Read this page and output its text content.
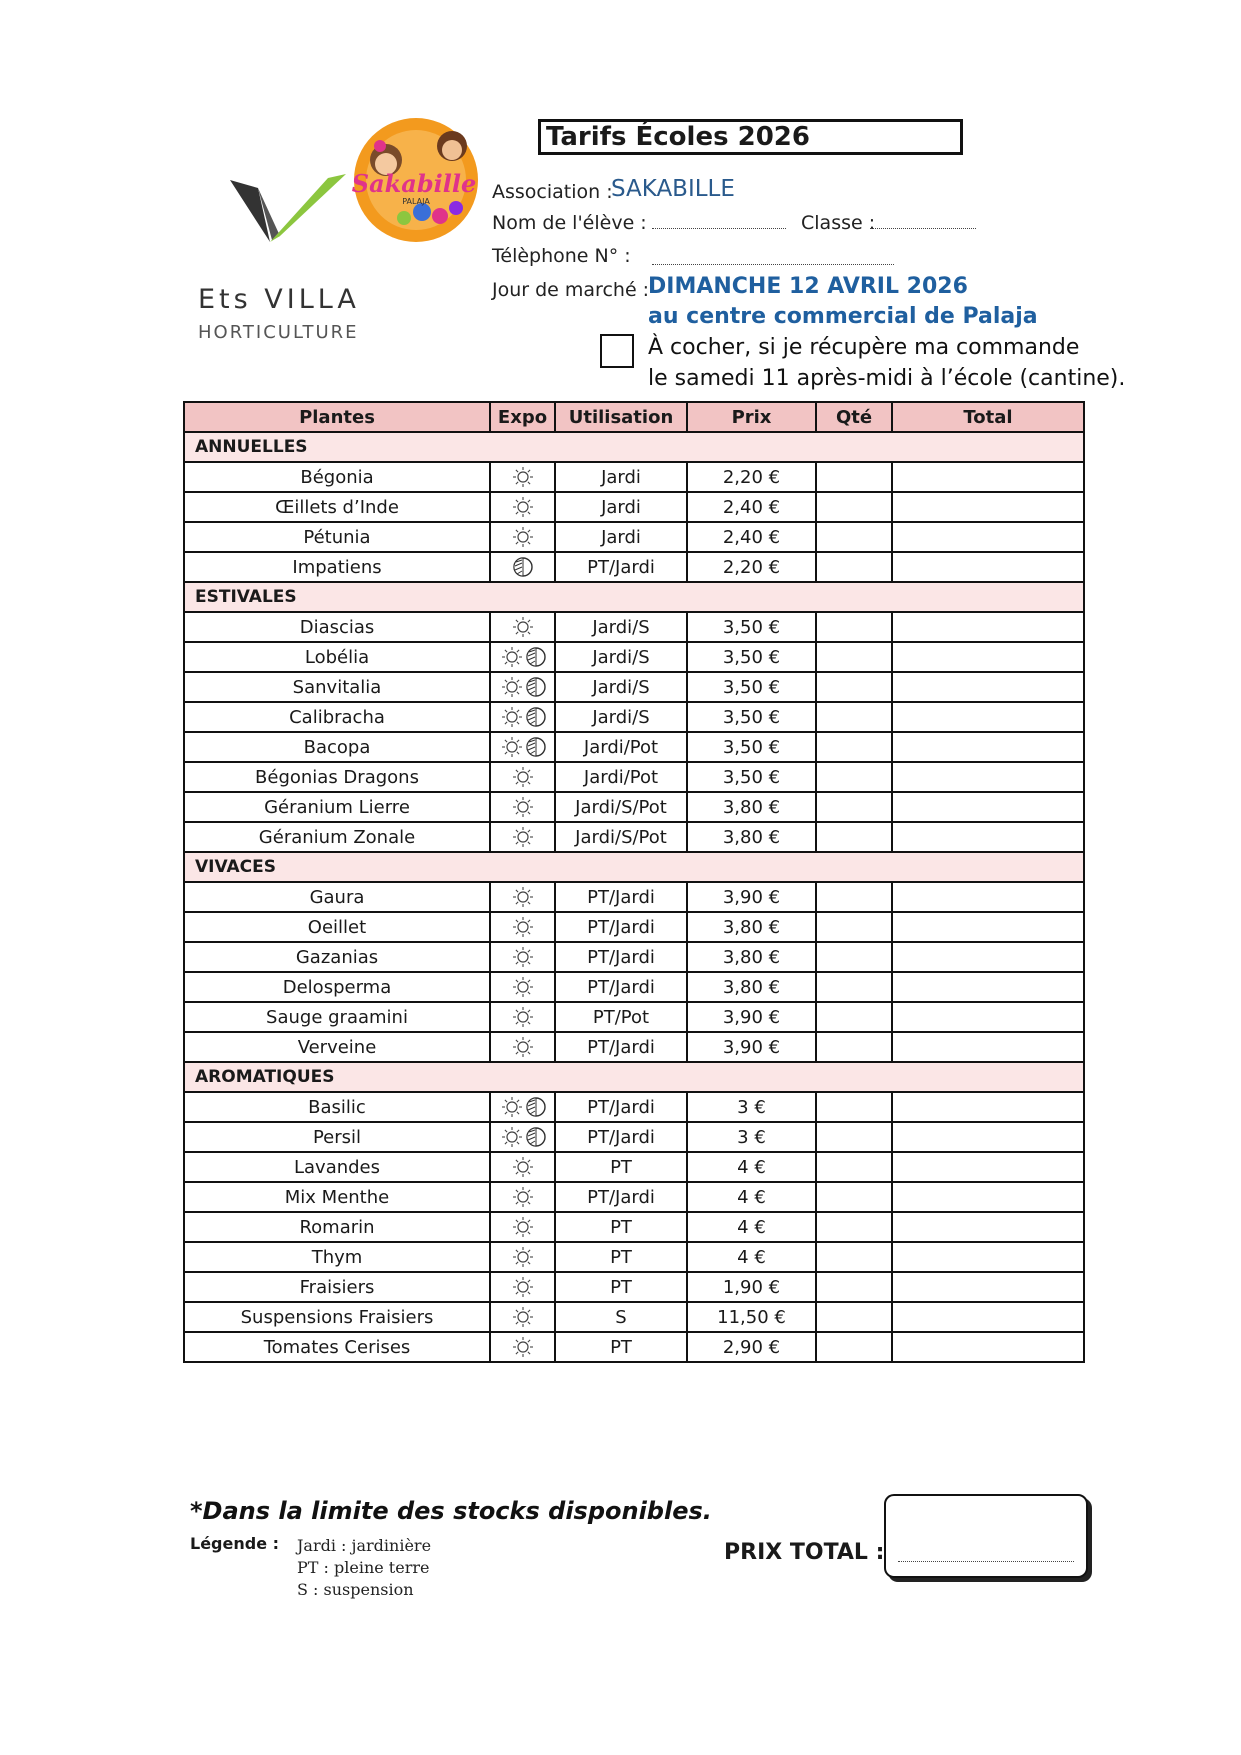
Ets VILLA
HORTICULTURE
Sakabille
PALAJA
Tarifs Écoles 2026
Association :
SAKABILLE
Nom de l'élève :	Classe :
Télèphone N° :
Jour de marché :
DIMANCHE 12 AVRIL 2026
au centre commercial de Palaja
À cocher, si je récupère ma commande
le samedi 11 après-midi à l’école (cantine).
Plantes	Expo	Utilisation	Prix	Qté	Total
ANNUELLES					
Bégonia		Jardi	2,20 €		
Œillets d’Inde		Jardi	2,40 €		
Pétunia		Jardi	2,40 €		
Impatiens		PT/Jardi	2,20 €		
ESTIVALES					
Diascias		Jardi/S	3,50 €		
Lobélia		Jardi/S	3,50 €		
Sanvitalia		Jardi/S	3,50 €		
Calibracha		Jardi/S	3,50 €		
Bacopa		Jardi/Pot	3,50 €		
Bégonias Dragons		Jardi/Pot	3,50 €		
Géranium Lierre		Jardi/S/Pot	3,80 €		
Géranium Zonale		Jardi/S/Pot	3,80 €		
VIVACES					
Gaura		PT/Jardi	3,90 €		
Oeillet		PT/Jardi	3,80 €		
Gazanias		PT/Jardi	3,80 €		
Delosperma		PT/Jardi	3,80 €		
Sauge graamini		PT/Pot	3,90 €		
Verveine		PT/Jardi	3,90 €		
AROMATIQUES					
Basilic		PT/Jardi	3 €		
Persil		PT/Jardi	3 €		
Lavandes		PT	4 €		
Mix Menthe		PT/Jardi	4 €		
Romarin		PT	4 €		
Thym		PT	4 €		
Fraisiers		PT	1,90 €		
Suspensions Fraisiers		S	11,50 €		
Tomates Cerises		PT	2,90 €		
*Dans la limite des stocks disponibles.
Légende : Jardi : jardinière
PT : pleine terre
S : suspension
PRIX TOTAL :
